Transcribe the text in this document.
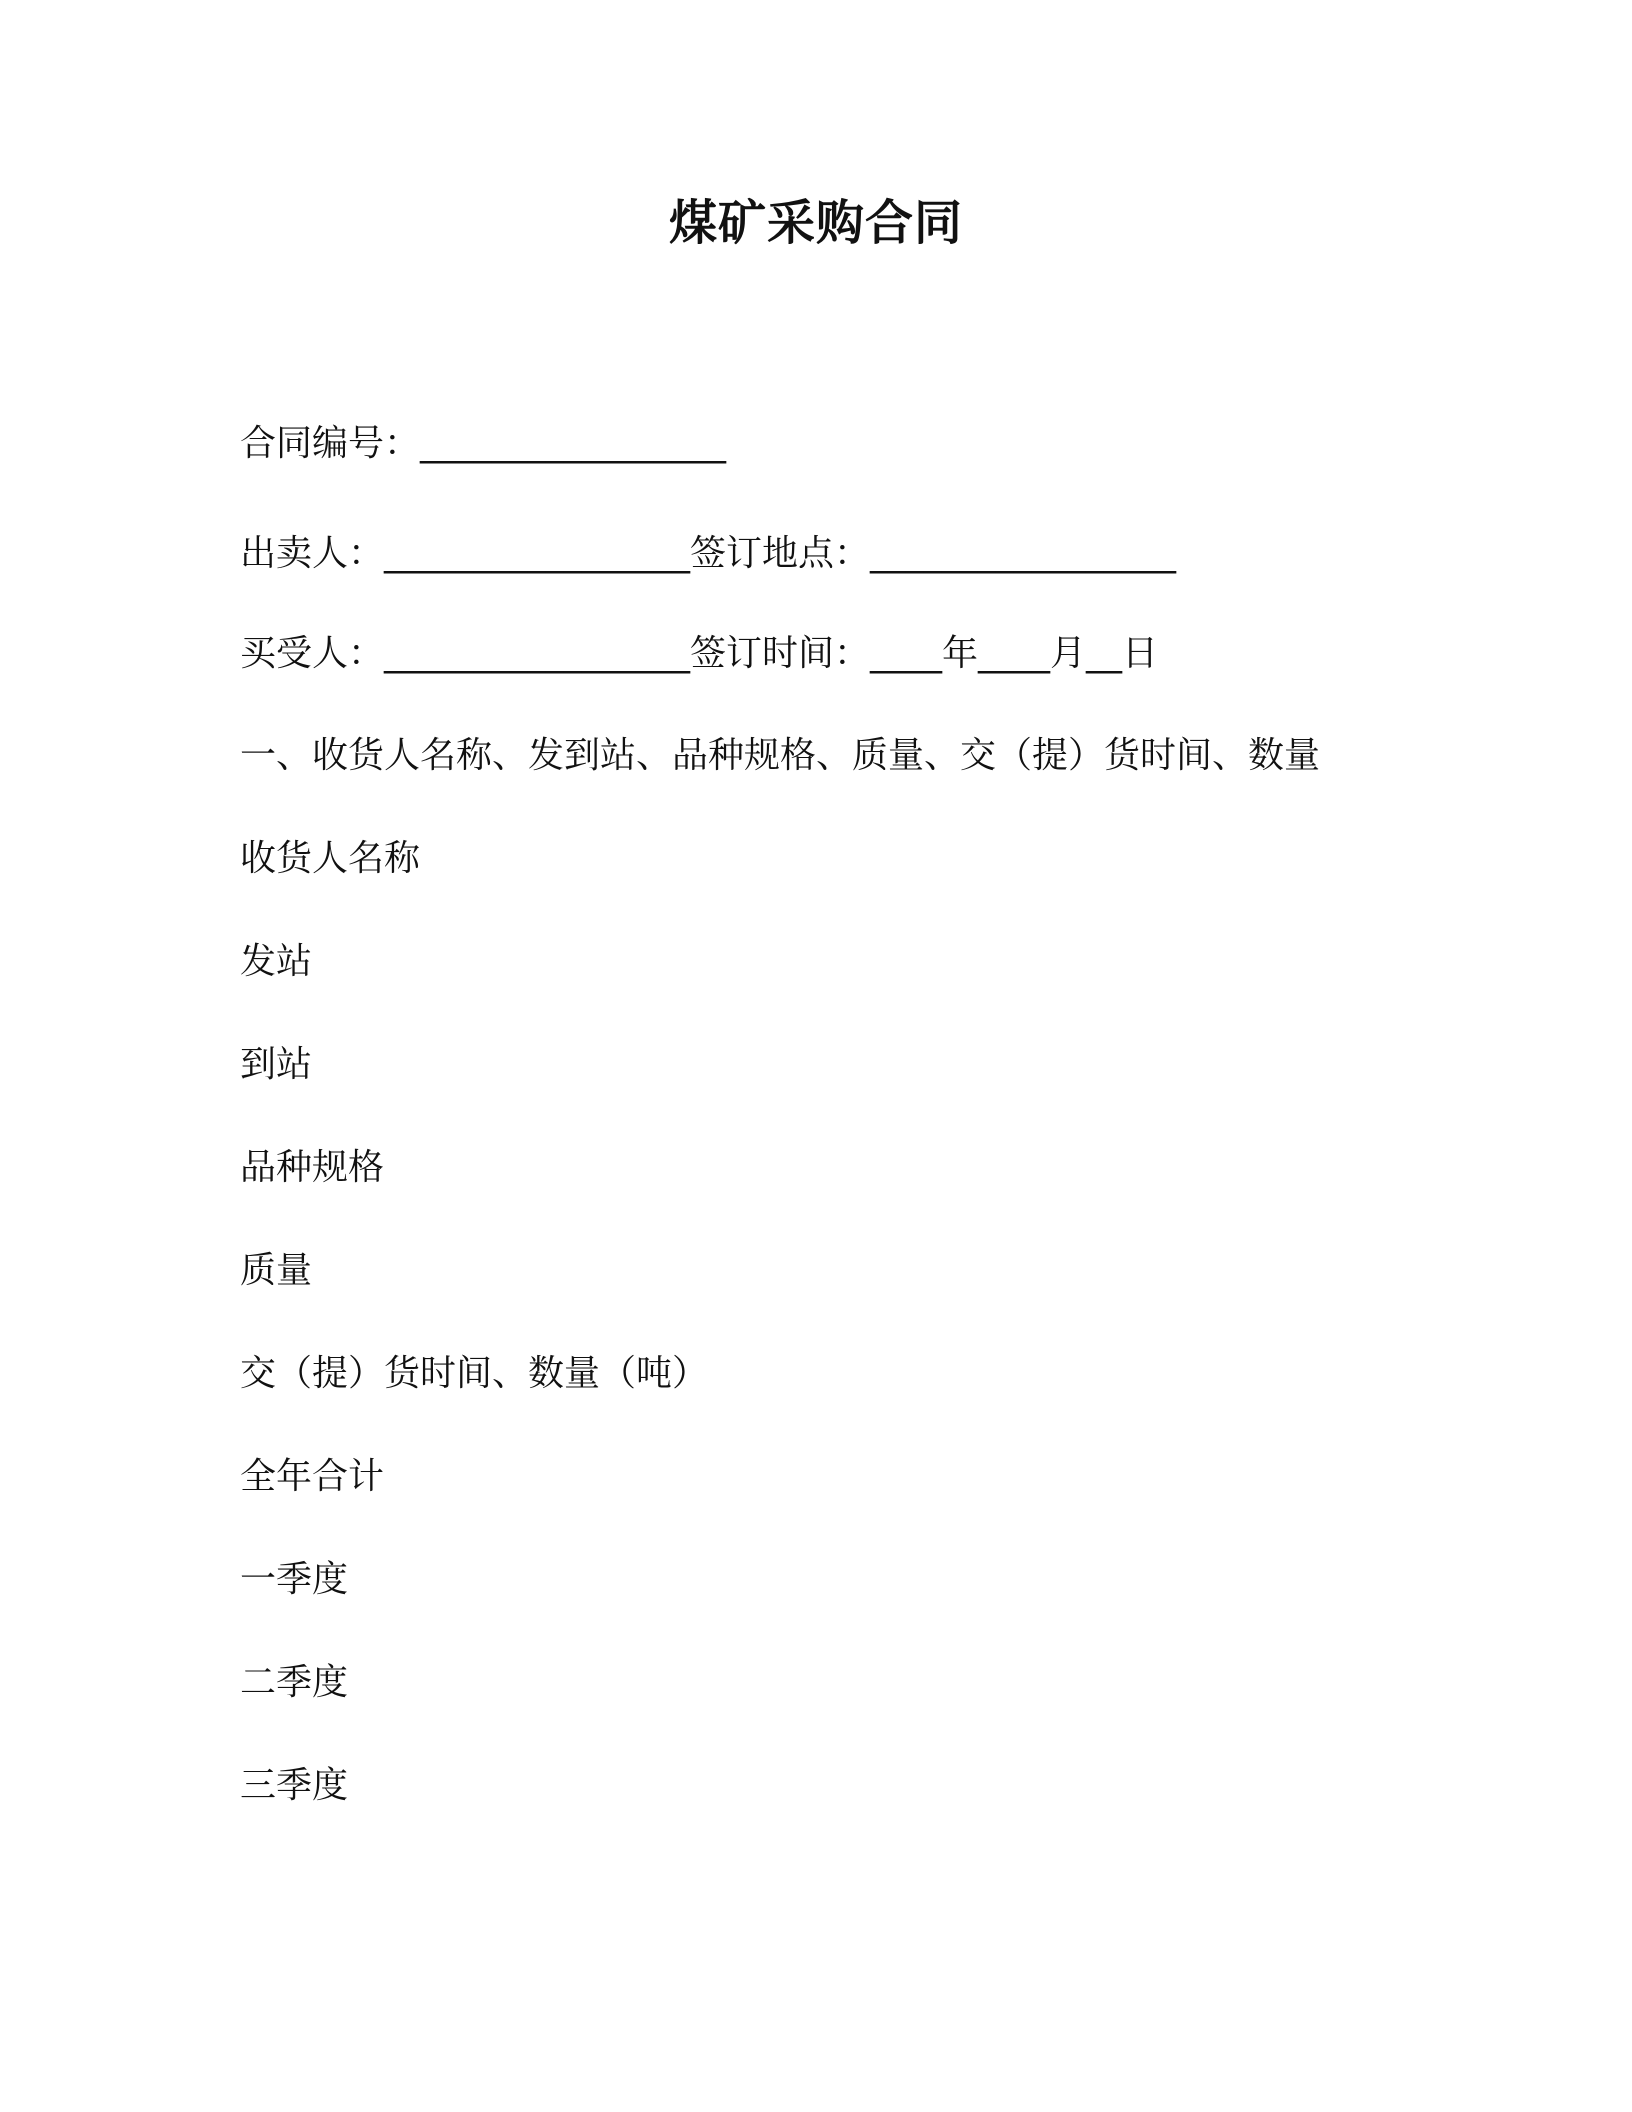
煤矿采购合同
合同编号：_________________
出卖人：_________________签订地点：_________________
买受人：_________________签订时间：____年____月__日
一、收货人名称、发到站、品种规格、质量、交（提）货时间、数量
收货人名称
发站
到站
品种规格
质量
交（提）货时间、数量（吨）
全年合计
一季度
二季度
三季度
